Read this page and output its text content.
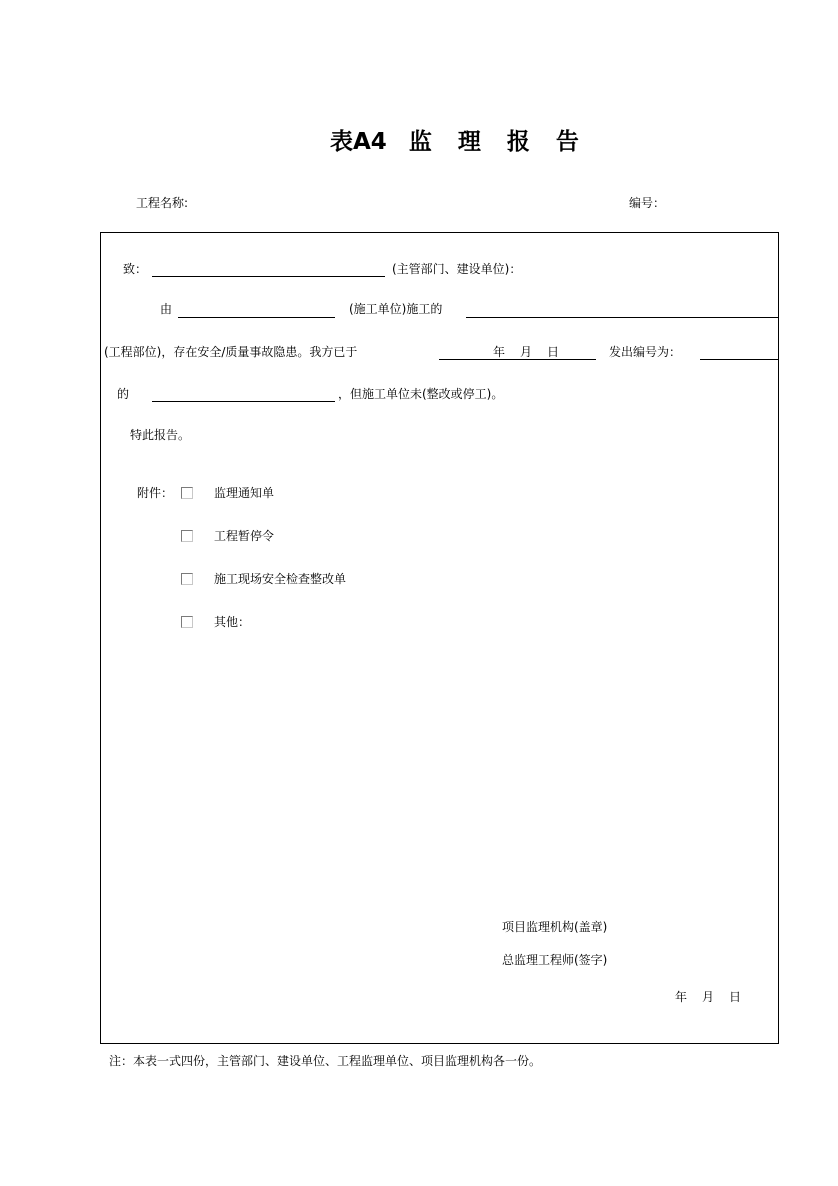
表A4 监 理 报 告
工程名称:	编号：
致：	(主管部门、建设单位)：
由	(施工单位)施工的
(工程部位)，存在安全/质量事故隐患。我方已于	年 月 日	发出编号为：
的	，但施工单位未(整改或停工)。
特此报告。
附件：	监理通知单
工程暂停令
施工现场安全检查整改单
其他：
项目监理机构(盖章)
总监理工程师(签字)
年 月 日
注：本表一式四份，主管部门、建设单位、工程监理单位、项目监理机构各一份。
